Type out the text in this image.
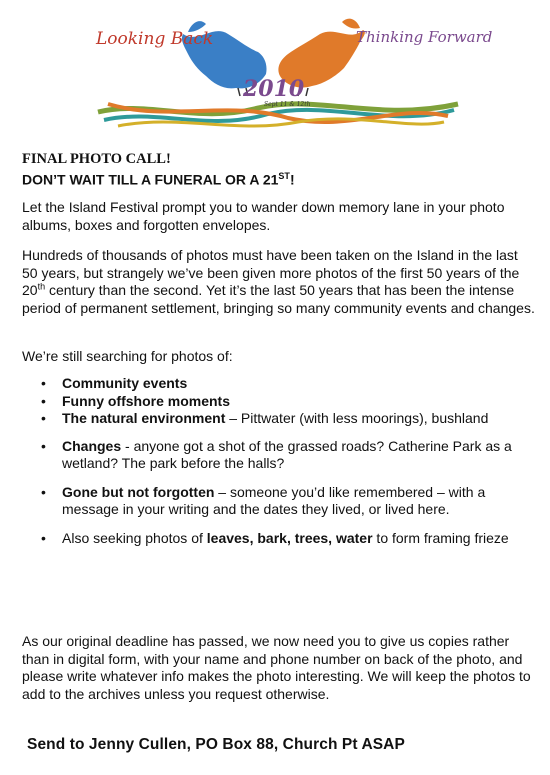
Looking Back	Thinking Forward
2010
Sept 11 & 12th

FINAL PHOTO CALL!

DON’T WAIT TILL A FUNERAL OR A 21ST!

Let the Island Festival prompt you to wander down memory lane in your photo albums, boxes and forgotten envelopes.

Hundreds of thousands of photos must have been taken on the Island in the last 50 years, but strangely we’ve been given more photos of the first 50 years of the 20th century than the second. Yet it’s the last 50 years that has been the intense period of permanent settlement, bringing so many community events and changes.

We’re still searching for photos of:

• Community events
• Funny offshore moments
• The natural environment – Pittwater (with less moorings), bushland
• Changes - anyone got a shot of the grassed roads? Catherine Park as a wetland? The park before the halls?
• Gone but not forgotten – someone you’d like remembered – with a message in your writing and the dates they lived, or lived here.
• Also seeking photos of leaves, bark, trees, water to form framing frieze

As our original deadline has passed, we now need you to give us copies rather than in digital form, with your name and phone number on back of the photo, and please write whatever info makes the photo interesting. We will keep the photos to add to the archives unless you request otherwise.

Send to Jenny Cullen, PO Box 88, Church Pt ASAP
